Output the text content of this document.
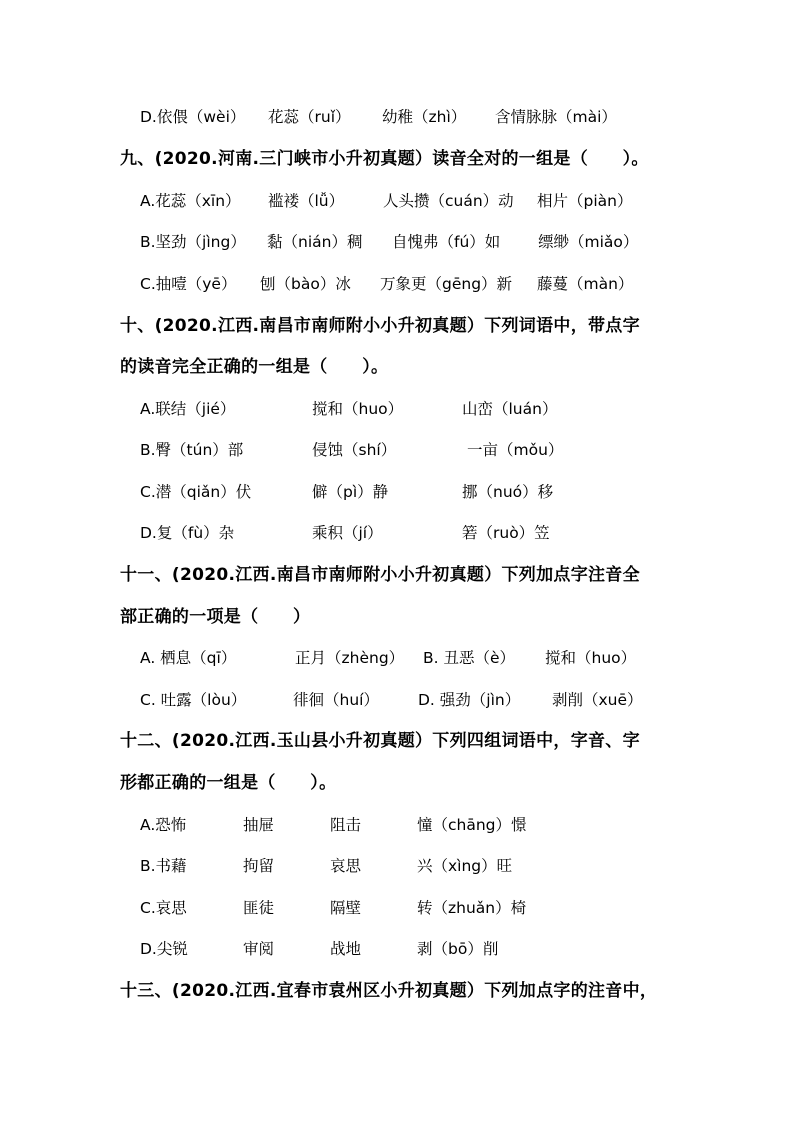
D.依偎（wèi） 花蕊（ruǐ） 幼稚（zhì） 含情脉脉（mài）
九、(2020.河南.三门峡市小升初真题）读音全对的一组是（　　）。
A.花蕊（xīn） 褴褛（lǚ）	人头攒（cuán）动 相片（piàn）
B.坚劲（jìng） 黏（nián）稠 自愧弗（fú）如 缥缈（miǎo）
C.抽噎（yē） 刨（bào）冰 万象更（gēng）新 藤蔓（màn）
十、(2020.江西.南昌市南师附小小升初真题）下列词语中，带点字
的读音完全正确的一组是（　　）。
A.联结（jié）	搅和（huo）	山峦（luán）
B.臀（tún）部	侵蚀（shí）	一亩（mǒu）
C.潜（qiǎn）伏	僻（pì）静	挪（nuó）移
D.复（fù）杂	乘积（jí）	箬（ruò）笠
十一、(2020.江西.南昌市南师附小小升初真题）下列加点字注音全
部正确的一项是（　　）
A. 栖息（qī）	正月（zhèng） B. 丑恶（è） 搅和（huo）
C. 吐露（lòu）	徘徊（huí）	D. 强劲（jìn） 剥削（xuē）
十二、(2020.江西.玉山县小升初真题）下列四组词语中，字音、字
形都正确的一组是（　　）。
A.恐怖	抽屉	阻击	憧（chāng）憬
B.书藉	拘留	哀思	兴（xìng）旺
C.哀思	匪徒	隔壁	转（zhuǎn）椅
D.尖锐	审阅	战地	剥（bō）削
十三、(2020.江西.宜春市袁州区小升初真题）下列加点字的注音中，
